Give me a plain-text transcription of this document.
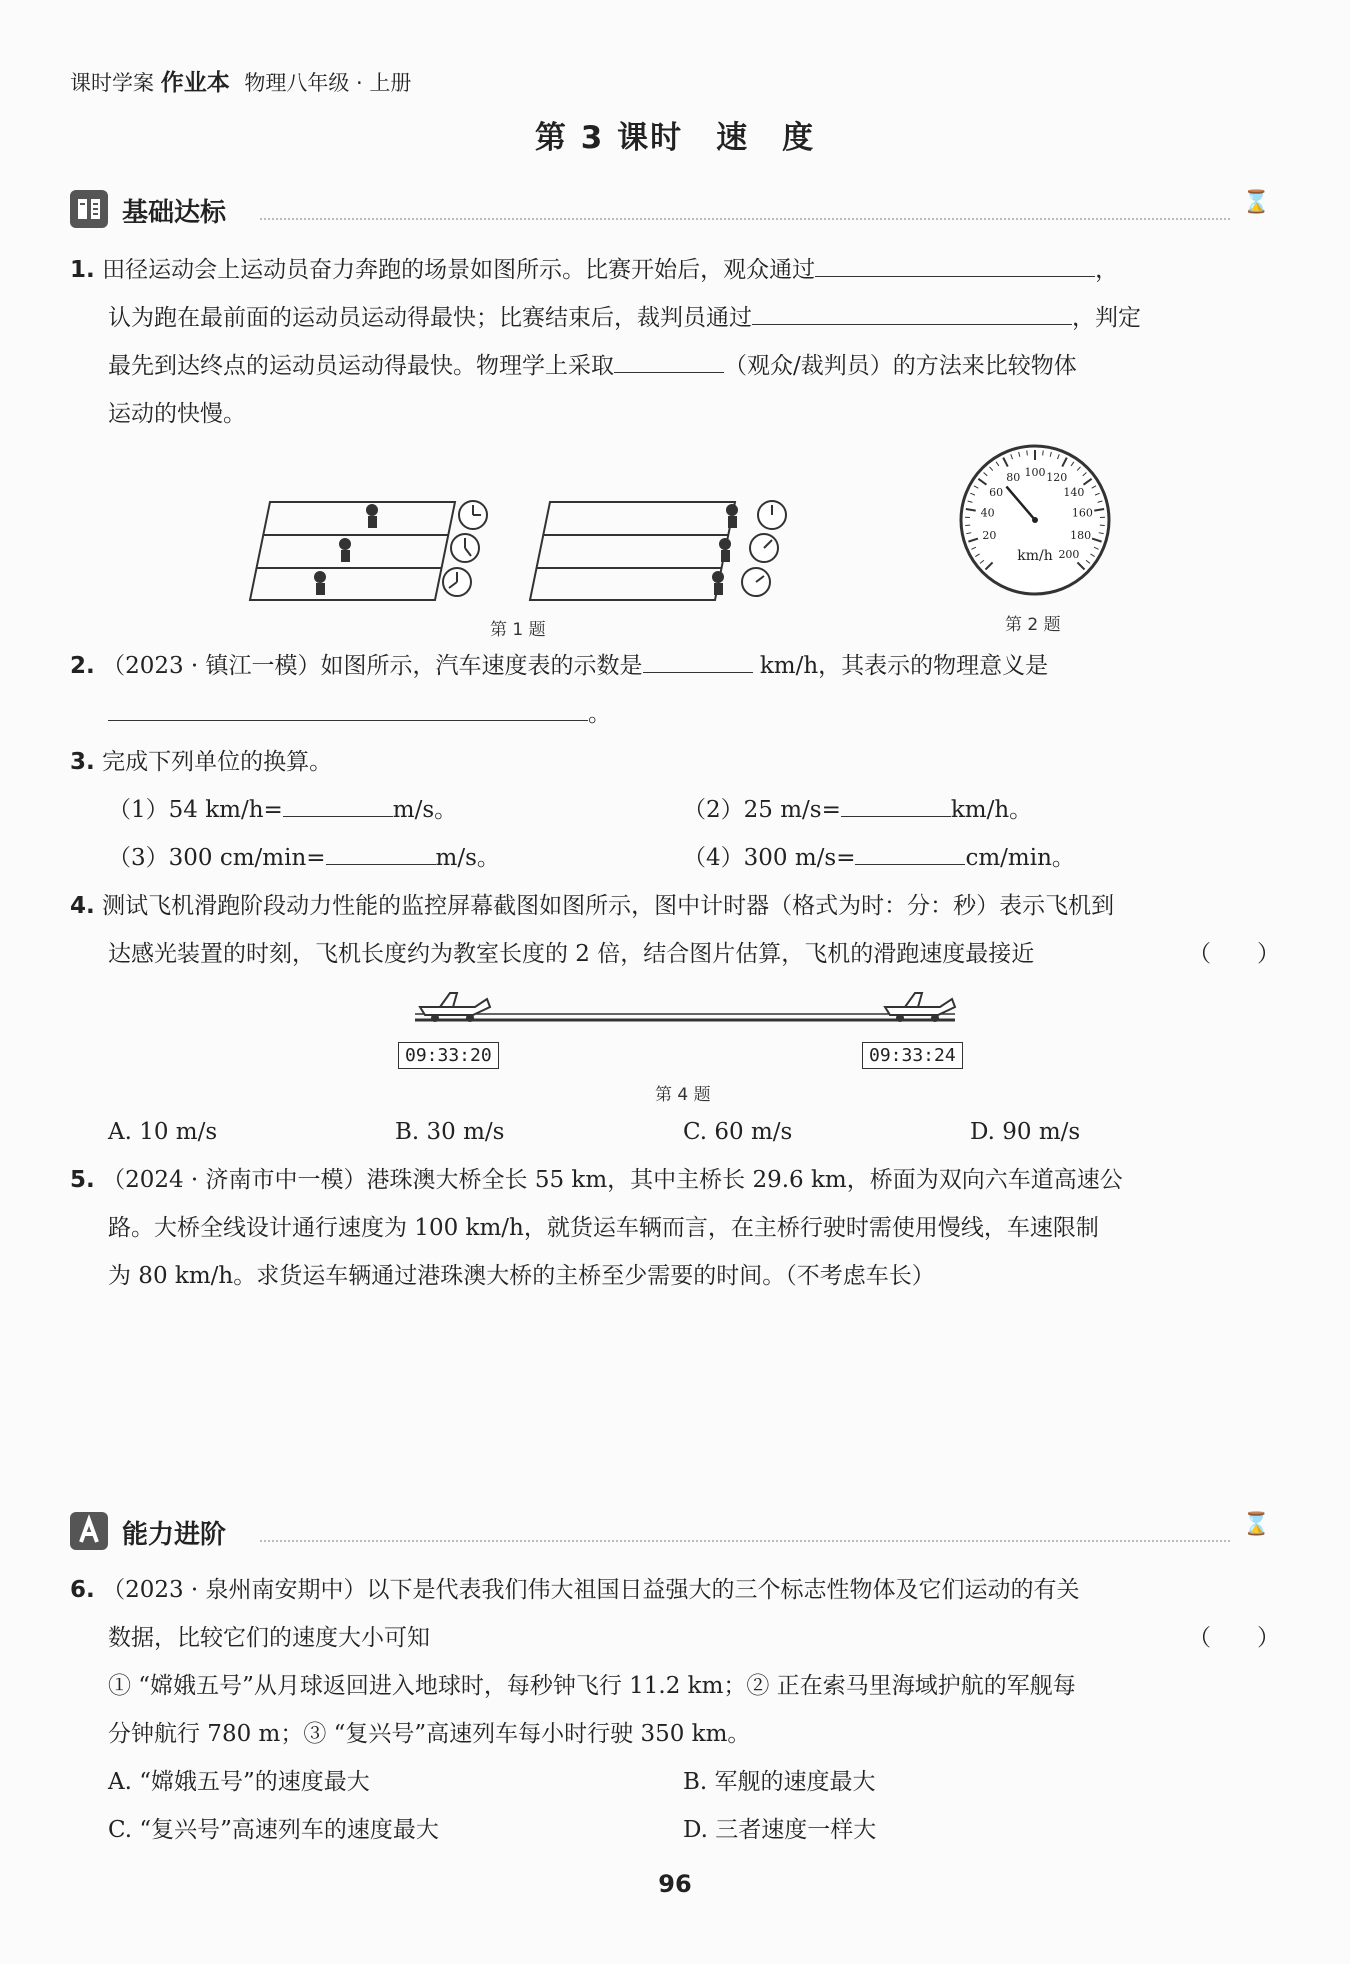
课时学案 作业本 物理八年级 · 上册
第 3 课时　速　度
基础达标	⌛
1. 田径运动会上运动员奋力奔跑的场景如图所示。比赛开始后，观众通过	，
认为跑在最前面的运动员运动得最快；比赛结束后，裁判员通过	，判定
最先到达终点的运动员运动得最快。物理学上采取	（观众/裁判员）的方法来比较物体
运动的快慢。
第 1 题
20
40
60
80 100 120
140
160
180
200
km/h
第 2 题
2. （2023 · 镇江一模）如图所示，汽车速度表的示数是	km/h，其表示的物理意义是
。
3. 完成下列单位的换算。
（1）54 km/h=	m/s。	（2）25 m/s=	km/h。
（3）300 cm/min=	m/s。	（4）300 m/s=	cm/min。
4. 测试飞机滑跑阶段动力性能的监控屏幕截图如图所示，图中计时器（格式为时：分：秒）表示飞机到
达感光装置的时刻，飞机长度约为教室长度的 2 倍，结合图片估算，飞机的滑跑速度最接近	（　　）
09:33:20	09:33:24
第 4 题
A. 10 m/s	B. 30 m/s	C. 60 m/s	D. 90 m/s
5. （2024 · 济南市中一模）港珠澳大桥全长 55 km，其中主桥长 29.6 km，桥面为双向六车道高速公
路。大桥全线设计通行速度为 100 km/h，就货运车辆而言，在主桥行驶时需使用慢线，车速限制
为 80 km/h。求货运车辆通过港珠澳大桥的主桥至少需要的时间。（不考虑车长）
能力进阶	⌛
6. （2023 · 泉州南安期中）以下是代表我们伟大祖国日益强大的三个标志性物体及它们运动的有关
数据，比较它们的速度大小可知	（　　）
① “嫦娥五号”从月球返回进入地球时，每秒钟飞行 11.2 km；② 正在索马里海域护航的军舰每
分钟航行 780 m；③ “复兴号”高速列车每小时行驶 350 km。
A. “嫦娥五号”的速度最大	B. 军舰的速度最大
C. “复兴号”高速列车的速度最大	D. 三者速度一样大
96
